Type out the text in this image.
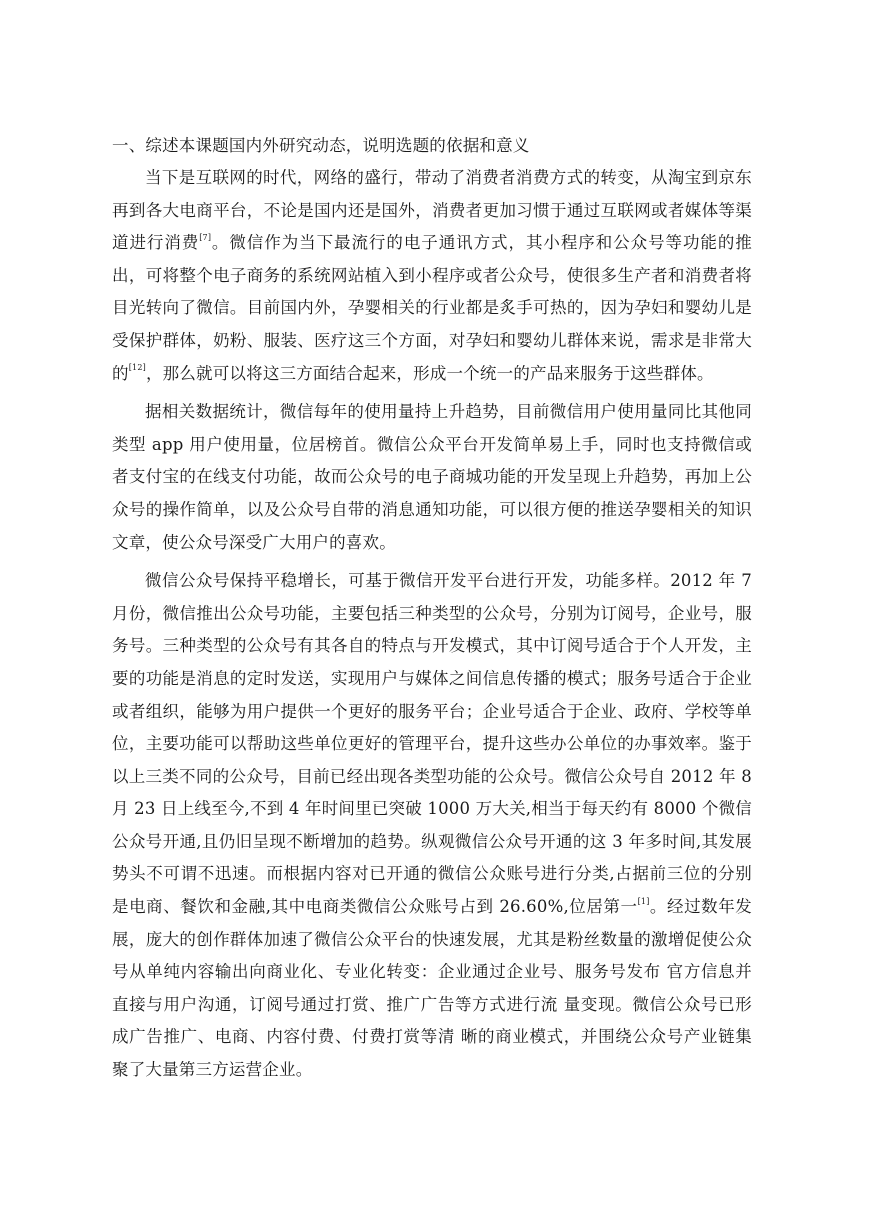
一、综述本课题国内外研究动态，说明选题的依据和意义

当下是互联网的时代，网络的盛行，带动了消费者消费方式的转变，从淘宝到京东再到各大电商平台，不论是国内还是国外，消费者更加习惯于通过互联网或者媒体等渠道进行消费[7]。微信作为当下最流行的电子通讯方式，其小程序和公众号等功能的推出，可将整个电子商务的系统网站植入到小程序或者公众号，使很多生产者和消费者将目光转向了微信。目前国内外，孕婴相关的行业都是炙手可热的，因为孕妇和婴幼儿是受保护群体，奶粉、服装、医疗这三个方面，对孕妇和婴幼儿群体来说，需求是非常大的[12]，那么就可以将这三方面结合起来，形成一个统一的产品来服务于这些群体。

据相关数据统计，微信每年的使用量持上升趋势，目前微信用户使用量同比其他同类型 app 用户使用量，位居榜首。微信公众平台开发简单易上手，同时也支持微信或者支付宝的在线支付功能，故而公众号的电子商城功能的开发呈现上升趋势，再加上公众号的操作简单，以及公众号自带的消息通知功能，可以很方便的推送孕婴相关的知识文章，使公众号深受广大用户的喜欢。

微信公众号保持平稳增长，可基于微信开发平台进行开发，功能多样。2012 年 7 月份，微信推出公众号功能，主要包括三种类型的公众号，分别为订阅号，企业号，服务号。三种类型的公众号有其各自的特点与开发模式，其中订阅号适合于个人开发，主要的功能是消息的定时发送，实现用户与媒体之间信息传播的模式；服务号适合于企业或者组织，能够为用户提供一个更好的服务平台；企业号适合于企业、政府、学校等单位，主要功能可以帮助这些单位更好的管理平台，提升这些办公单位的办事效率。鉴于以上三类不同的公众号，目前已经出现各类型功能的公众号。微信公众号自 2012 年 8 月 23 日上线至今,不到 4 年时间里已突破 1000 万大关,相当于每天约有 8000 个微信公众号开通,且仍旧呈现不断增加的趋势。纵观微信公众号开通的这 3 年多时间,其发展势头不可谓不迅速。而根据内容对已开通的微信公众账号进行分类,占据前三位的分别是电商、餐饮和金融,其中电商类微信公众账号占到 26.60%,位居第一[1]。经过数年发展，庞大的创作群体加速了微信公众平台的快速发展，尤其是粉丝数量的激增促使公众号从单纯内容输出向商业化、专业化转变：企业通过企业号、服务号发布 官方信息并直接与用户沟通，订阅号通过打赏、推广广告等方式进行流 量变现。微信公众号已形成广告推广、电商、内容付费、付费打赏等清 晰的商业模式，并围绕公众号产业链集聚了大量第三方运营企业。
